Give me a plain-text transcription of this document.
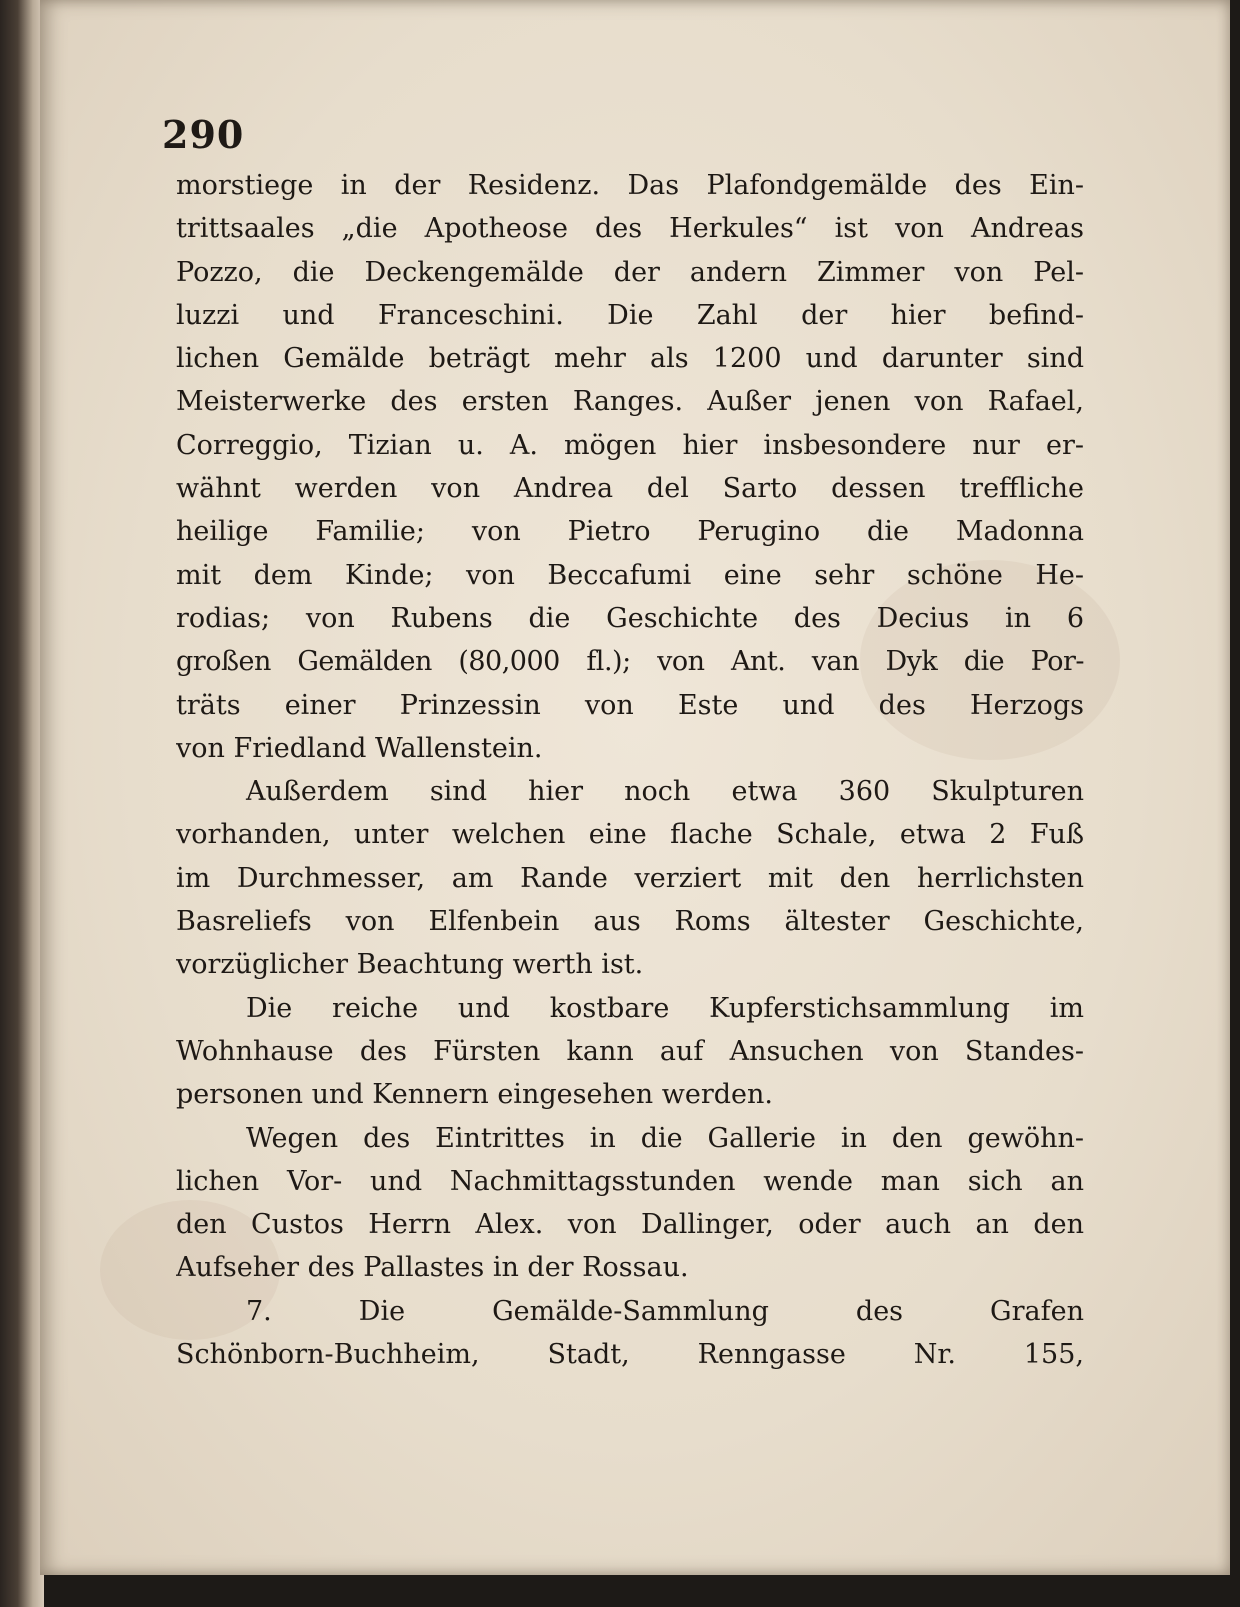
290
morstiege in der Residenz. Das Plafondgemälde des Ein-
trittsaales „die Apotheose des Herkules“ ist von Andreas
Pozzo, die Deckengemälde der andern Zimmer von Pel-
luzzi und Franceschini. Die Zahl der hier befind-
lichen Gemälde beträgt mehr als 1200 und darunter sind
Meisterwerke des ersten Ranges. Außer jenen von Rafael,
Correggio, Tizian u. A. mögen hier insbesondere nur er-
wähnt werden von Andrea del Sarto dessen treffliche
heilige Familie; von Pietro Perugino die Madonna
mit dem Kinde; von Beccafumi eine sehr schöne He-
rodias; von Rubens die Geschichte des Decius in 6
großen Gemälden (80,000 fl.); von Ant. van Dyk die Por-
träts einer Prinzessin von Este und des Herzogs
von Friedland Wallenstein.
Außerdem sind hier noch etwa 360 Skulpturen
vorhanden, unter welchen eine flache Schale, etwa 2 Fuß
im Durchmesser, am Rande verziert mit den herrlichsten
Basreliefs von Elfenbein aus Roms ältester Geschichte,
vorzüglicher Beachtung werth ist.
Die reiche und kostbare Kupferstichsammlung im
Wohnhause des Fürsten kann auf Ansuchen von Standes-
personen und Kennern eingesehen werden.
Wegen des Eintrittes in die Gallerie in den gewöhn-
lichen Vor- und Nachmittagsstunden wende man sich an
den Custos Herrn Alex. von Dallinger, oder auch an den
Aufseher des Pallastes in der Rossau.
7. Die Gemälde-Sammlung des Grafen
Schönborn-Buchheim, Stadt, Renngasse Nr. 155,
